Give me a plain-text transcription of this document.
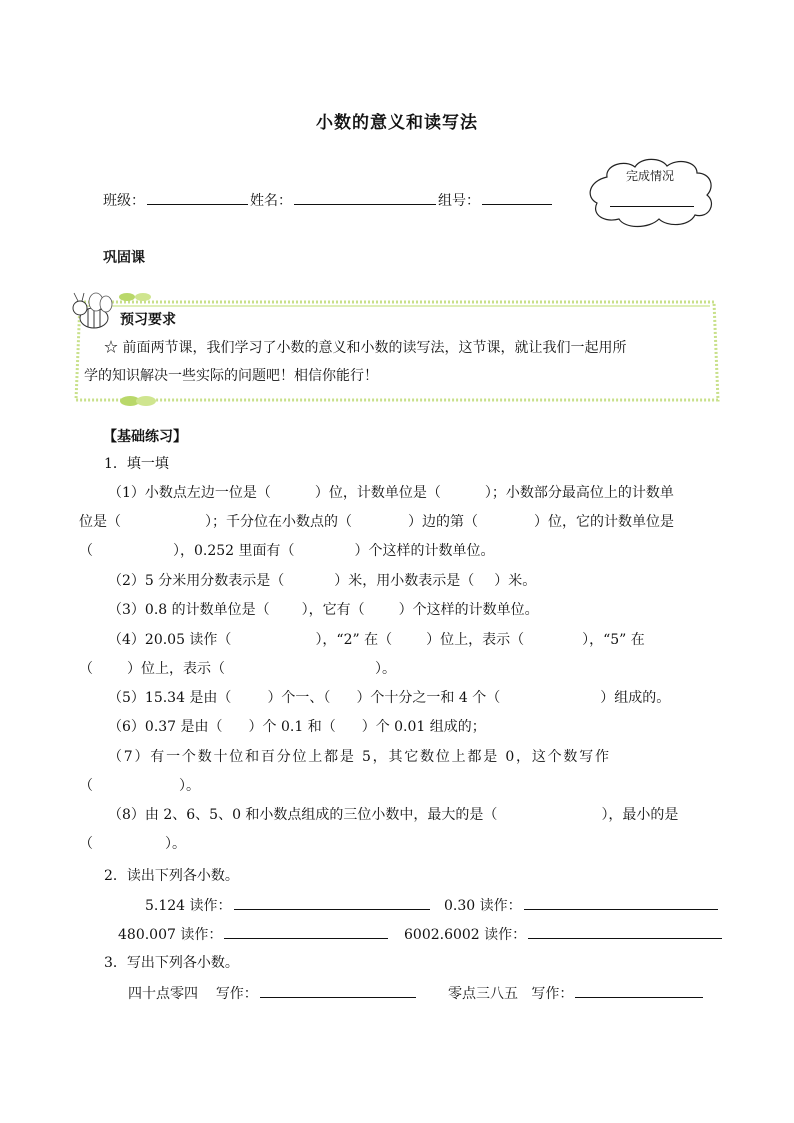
小数的意义和读写法
班级：	姓名：	组号：
完成情况
巩固课
预习要求
☆ 前面两节课，我们学习了小数的意义和小数的读写法，这节课，就让我们一起用所
学的知识解决一些实际的问题吧！相信你能行！
【基础练习】
1．填一填
（1）小数点左边一位是（	）位，计数单位是（	）；小数部分最高位上的计数单
位是（	）；千分位在小数点的（	）边的第（	）位，它的计数单位是
（	），0.252 里面有（	）个这样的计数单位。
（2）5 分米用分数表示是（	）米，用小数表示是（ ）米。
（3）0.8 的计数单位是（ ），它有（ ）个这样的计数单位。
（4）20.05 读作（	），“2” 在（ ）位上，表示（	），“5” 在
（ ）位上，表示（	）。
（5）15.34 是由（	）个一、（ ）个十分之一和 4 个（	）组成的。
（6）0.37 是由（ ）个 0.1 和（ ）个 0.01 组成的；
（7）有一个数十位和百分位上都是 5，其它数位上都是 0，这个数写作
（	）。
（8）由 2、6、5、0 和小数点组成的三位小数中，最大的是（	），最小的是
（	）。
2．读出下列各小数。
5.124 读作：	0.30 读作：
480.007 读作：	6002.6002 读作：
3．写出下列各小数。
四十点零四 写作：	零点三八五 写作：
